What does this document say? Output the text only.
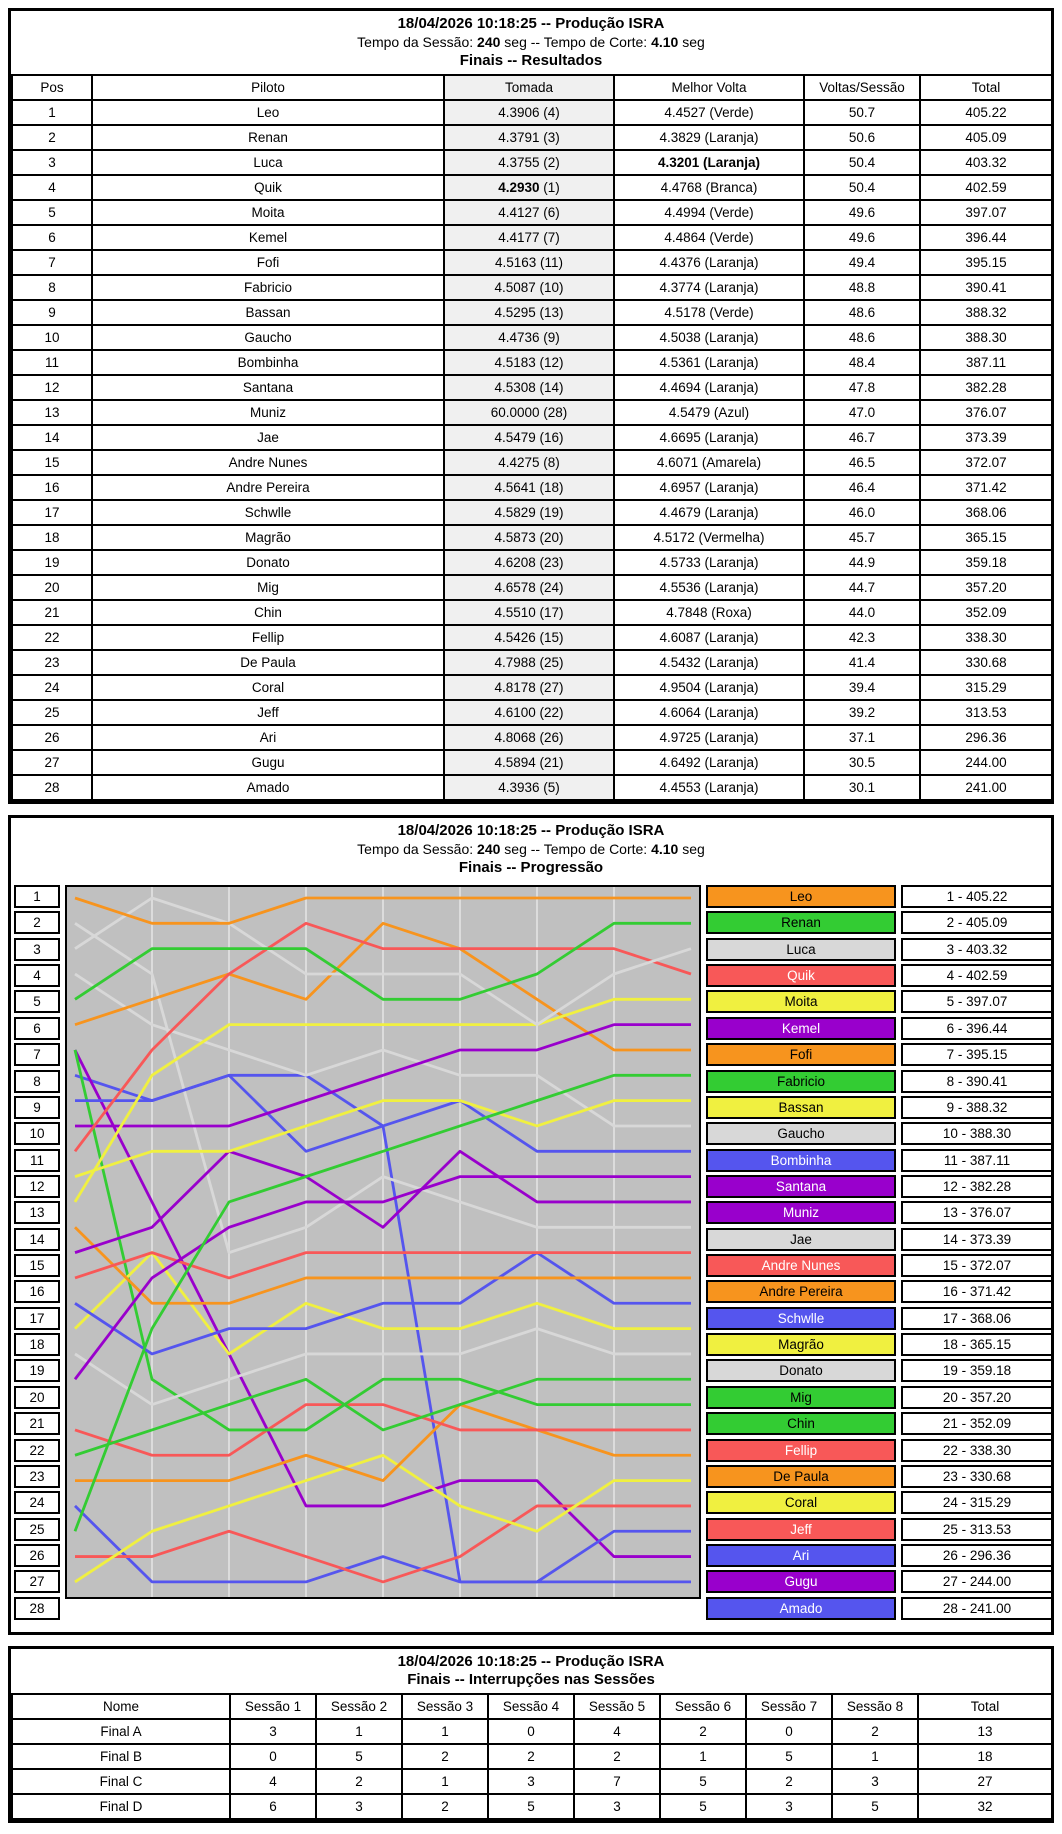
18/04/2026 10:18:25 -- Produção ISRA
Tempo da Sessão: 240 seg -- Tempo de Corte: 4.10 seg
Finais -- Resultados
Pos	Piloto	Tomada	Melhor Volta	Voltas/Sessão	Total
1	Leo	4.3906 (4)	4.4527 (Verde)	50.7	405.22
2	Renan	4.3791 (3)	4.3829 (Laranja)	50.6	405.09
3	Luca	4.3755 (2)	4.3201 (Laranja)	50.4	403.32
4	Quik	4.2930 (1)	4.4768 (Branca)	50.4	402.59
5	Moita	4.4127 (6)	4.4994 (Verde)	49.6	397.07
6	Kemel	4.4177 (7)	4.4864 (Verde)	49.6	396.44
7	Fofi	4.5163 (11)	4.4376 (Laranja)	49.4	395.15
8	Fabricio	4.5087 (10)	4.3774 (Laranja)	48.8	390.41
9	Bassan	4.5295 (13)	4.5178 (Verde)	48.6	388.32
10	Gaucho	4.4736 (9)	4.5038 (Laranja)	48.6	388.30
11	Bombinha	4.5183 (12)	4.5361 (Laranja)	48.4	387.11
12	Santana	4.5308 (14)	4.4694 (Laranja)	47.8	382.28
13	Muniz	60.0000 (28)	4.5479 (Azul)	47.0	376.07
14	Jae	4.5479 (16)	4.6695 (Laranja)	46.7	373.39
15	Andre Nunes	4.4275 (8)	4.6071 (Amarela)	46.5	372.07
16	Andre Pereira	4.5641 (18)	4.6957 (Laranja)	46.4	371.42
17	Schwlle	4.5829 (19)	4.4679 (Laranja)	46.0	368.06
18	Magrão	4.5873 (20)	4.5172 (Vermelha)	45.7	365.15
19	Donato	4.6208 (23)	4.5733 (Laranja)	44.9	359.18
20	Mig	4.6578 (24)	4.5536 (Laranja)	44.7	357.20
21	Chin	4.5510 (17)	4.7848 (Roxa)	44.0	352.09
22	Fellip	4.5426 (15)	4.6087 (Laranja)	42.3	338.30
23	De Paula	4.7988 (25)	4.5432 (Laranja)	41.4	330.68
24	Coral	4.8178 (27)	4.9504 (Laranja)	39.4	315.29
25	Jeff	4.6100 (22)	4.6064 (Laranja)	39.2	313.53
26	Ari	4.8068 (26)	4.9725 (Laranja)	37.1	296.36
27	Gugu	4.5894 (21)	4.6492 (Laranja)	30.5	244.00
28	Amado	4.3936 (5)	4.4553 (Laranja)	30.1	241.00
18/04/2026 10:18:25 -- Produção ISRA
Tempo da Sessão: 240 seg -- Tempo de Corte: 4.10 seg
Finais -- Progressão
1
2
3
4
5
6
7
8
9
10
11
12
13
14
15
16
17
18
19
20
21
22
23
24
25
26
27
28
Leo
Renan
Luca
Quik
Moita
Kemel
Fofi
Fabricio
Bassan
Gaucho
Bombinha
Santana
Muniz
Jae
Andre Nunes
Andre Pereira
Schwlle
Magrão
Donato
Mig
Chin
Fellip
De Paula
Coral
Jeff
Ari
Gugu
Amado
1 - 405.22
2 - 405.09
3 - 403.32
4 - 402.59
5 - 397.07
6 - 396.44
7 - 395.15
8 - 390.41
9 - 388.32
10 - 388.30
11 - 387.11
12 - 382.28
13 - 376.07
14 - 373.39
15 - 372.07
16 - 371.42
17 - 368.06
18 - 365.15
19 - 359.18
20 - 357.20
21 - 352.09
22 - 338.30
23 - 330.68
24 - 315.29
25 - 313.53
26 - 296.36
27 - 244.00
28 - 241.00
18/04/2026 10:18:25 -- Produção ISRA
Finais -- Interrupções nas Sessões
Nome	Sessão 1	Sessão 2	Sessão 3	Sessão 4	Sessão 5	Sessão 6	Sessão 7	Sessão 8	Total
Final A	3	1	1	0	4	2	0	2	13
Final B	0	5	2	2	2	1	5	1	18
Final C	4	2	1	3	7	5	2	3	27
Final D	6	3	2	5	3	5	3	5	32
